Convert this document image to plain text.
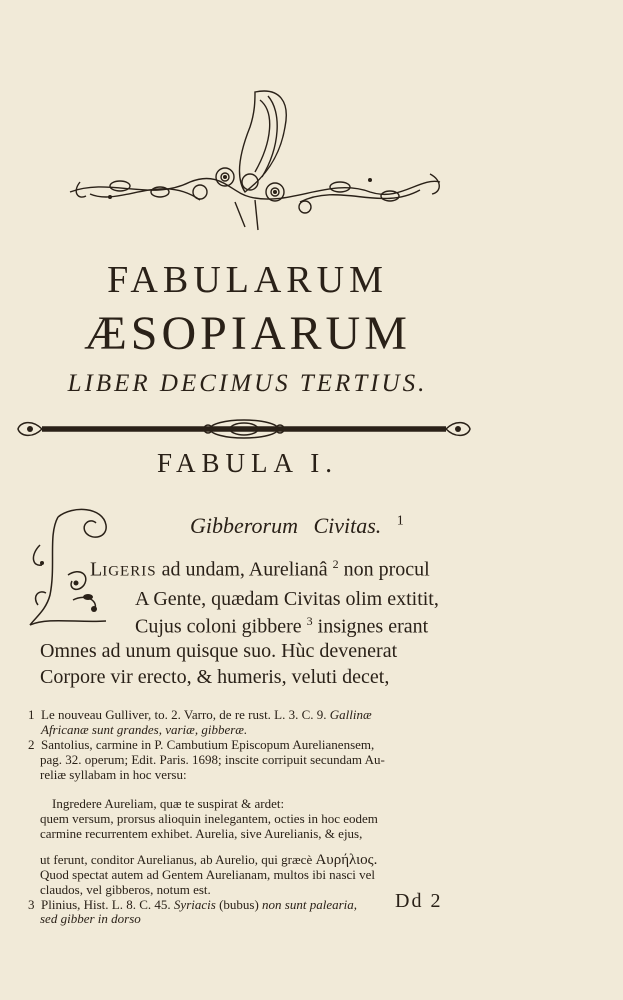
FABULARUM
ÆSOPIARUM
LIBER DECIMUS TERTIUS.
FABULA I.
Gibberorum Civitas. $^1$
LIGERIS ad undam, Aurelianâ $^2$ non procul
A Gente, quædam Civitas olim extitit,
Cujus coloni gibbere $^3$ insignes erant
Omnes ad unum quisque suo. Hùc devenerat
Corpore vir erecto, & humeris, veluti decet,
1 Le nouveau Gulliver, to. 2. Varro, de re rust. L. 3. C. 9. Gallinæ
Africanæ sunt grandes, variæ, gibberæ.
2 Santolius, carmine in P. Cambutium Episcopum Aurelianensem,
pag. 32. operum; Edit. Paris. 1698; inscite corripuit secundam Au-
reliæ syllabam in hoc versu:
Ingredere Aureliam, quæ te suspirat & ardet:
quem versum, prorsus alioquin ineleg͏antem, octies in hoc eodem
carmine recurrentem exhibet. Aurelia, sive Aurelianis, & ejus,
ut ferunt, conditor Aurelianus, ab Aurelio, qui græcè Αυρήλιος.
Quod spectat autem ad Gentem Aurelianam, multos ibi nasci vel
claudos, vel gibberos, notum est.
3 Plinius, Hist. L. 8. C. 45. Syriacis (bubus) non sunt palearia,
sed gibber in dorso
Dd 2
